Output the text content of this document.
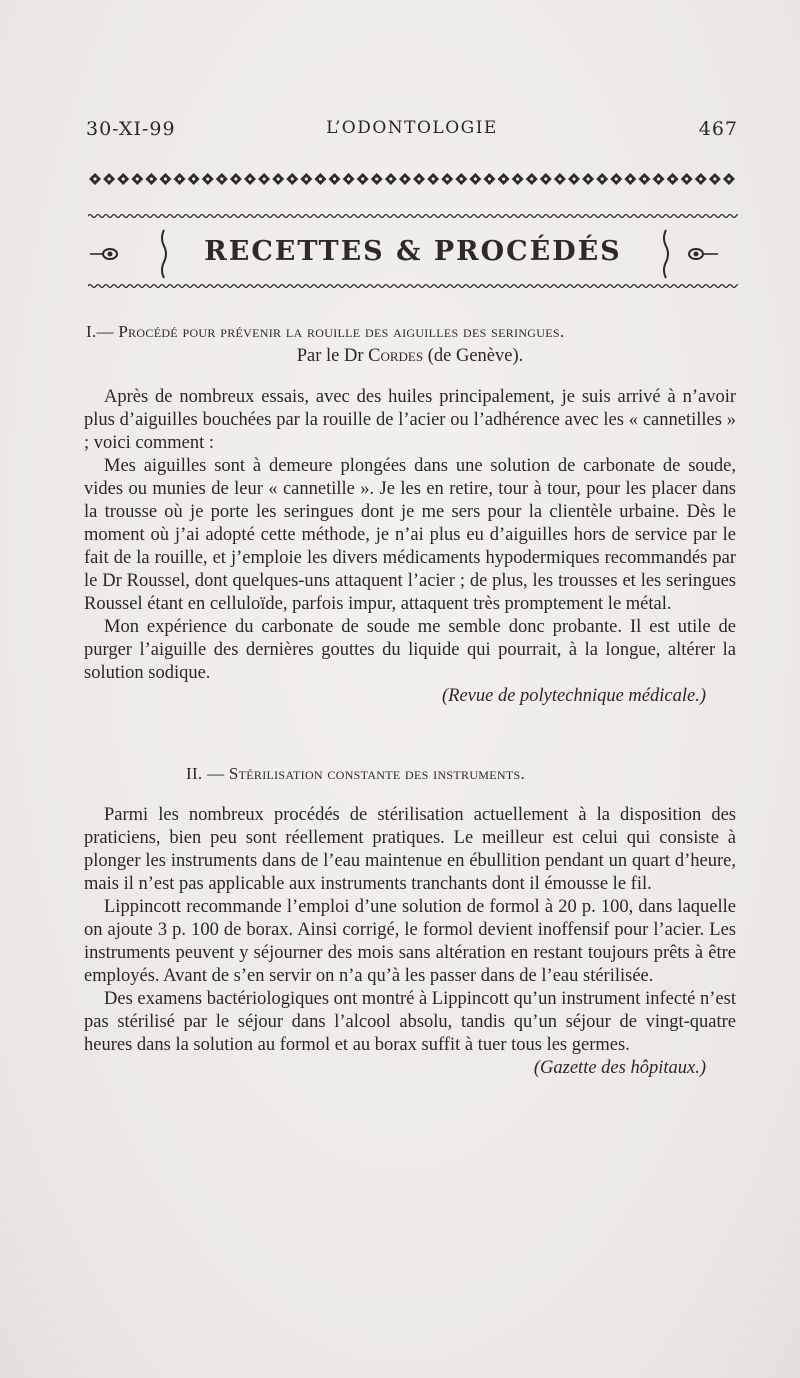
30-XI-99	L’ODONTOLOGIE	467
RECETTES & PROCÉDÉS
I.— Procédé pour prévenir la rouille des aiguilles des seringues.
Par le Dr Cordes (de Genève).

Après de nombreux essais, avec des huiles principalement, je suis arrivé à n’avoir plus d’aiguilles bouchées par la rouille de l’acier ou l’adhérence avec les « cannetilles » ; voici comment :

Mes aiguilles sont à demeure plongées dans une solution de carbonate de soude, vides ou munies de leur « cannetille ». Je les en retire, tour à tour, pour les placer dans la trousse où je porte les seringues dont je me sers pour la clientèle urbaine. Dès le moment où j’ai adopté cette méthode, je n’ai plus eu d’aiguilles hors de service par le fait de la rouille, et j’emploie les divers médicaments hypodermiques recommandés par le Dr Roussel, dont quelques-uns attaquent l’acier ; de plus, les trousses et les seringues Roussel étant en celluloïde, parfois impur, attaquent très promptement le métal.

Mon expérience du carbonate de soude me semble donc probante. Il est utile de purger l’aiguille des dernières gouttes du liquide qui pourrait, à la longue, altérer la solution sodique.

(Revue de polytechnique médicale.)

II. — Stérilisation constante des instruments.

Parmi les nombreux procédés de stérilisation actuellement à la disposition des praticiens, bien peu sont réellement pratiques. Le meilleur est celui qui consiste à plonger les instruments dans de l’eau maintenue en ébullition pendant un quart d’heure, mais il n’est pas applicable aux instruments tranchants dont il émousse le fil.

Lippincott recommande l’emploi d’une solution de formol à 20 p. 100, dans laquelle on ajoute 3 p. 100 de borax. Ainsi corrigé, le formol devient inoffensif pour l’acier. Les instruments peuvent y séjourner des mois sans altération en restant toujours prêts à être employés. Avant de s’en servir on n’a qu’à les passer dans de l’eau stérilisée.

Des examens bactériologiques ont montré à Lippincott qu’un instrument infecté n’est pas stérilisé par le séjour dans l’alcool absolu, tandis qu’un séjour de vingt-quatre heures dans la solution au formol et au borax suffit à tuer tous les germes.

(Gazette des hôpitaux.)
